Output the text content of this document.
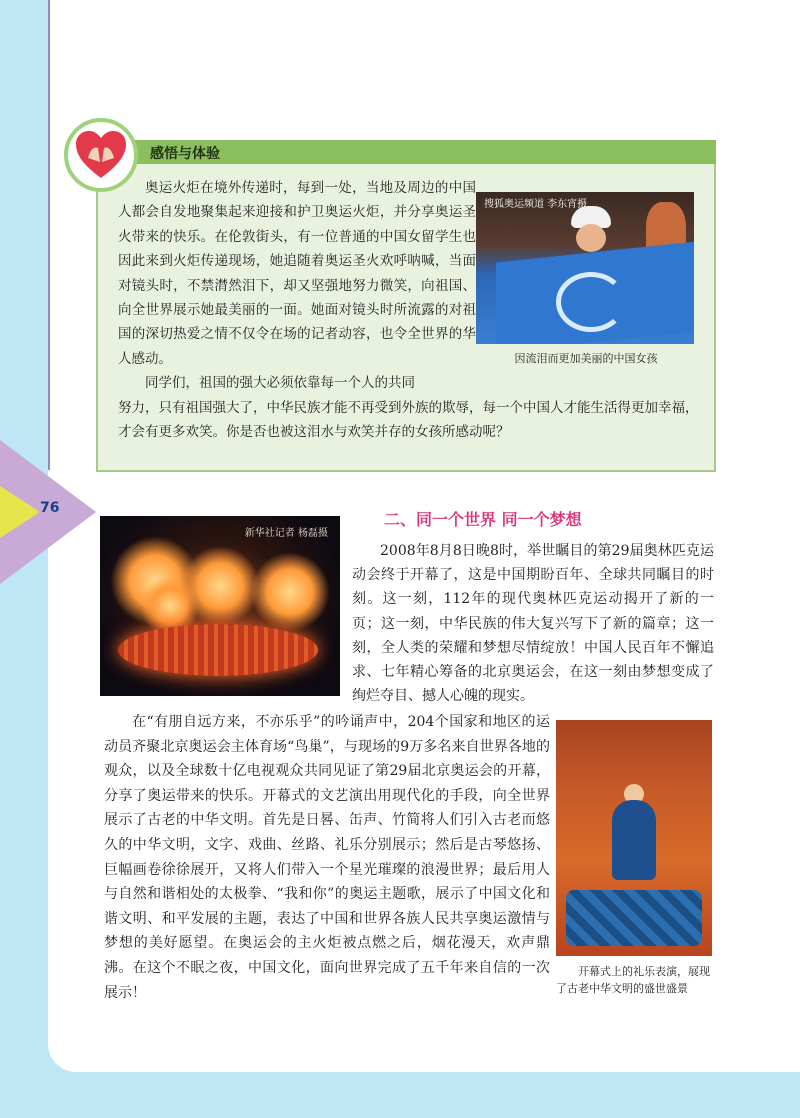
76
感悟与体验

奥运火炬在境外传递时，每到一处，当地及周边的中国人都会自发地聚集起来迎接和护卫奥运火炬，并分享奥运圣火带来的快乐。在伦敦街头，有一位普通的中国女留学生也因此来到火炬传递现场，她追随着奥运圣火欢呼呐喊，当面对镜头时，不禁潸然泪下，却又坚强地努力微笑，向祖国、向全世界展示她最美丽的一面。她面对镜头时所流露的对祖国的深切热爱之情不仅令在场的记者动容，也令全世界的华人感动。

同学们，祖国的强大必须依靠每一个人的共同

努力，只有祖国强大了，中华民族才能不再受到外族的欺辱，每一个中国人才能生活得更加幸福，才会有更多欢笑。你是否也被这泪水与欢笑并存的女孩所感动呢？

搜狐奥运频道 李东宵摄
因流泪而更加美丽的中国女孩
二、同一个世界 同一个梦想
新华社记者 杨磊摄

2008年8月8日晚8时，举世瞩目的第29届奥林匹克运动会终于开幕了，这是中国期盼百年、全球共同瞩目的时刻。这一刻，112年的现代奥林匹克运动揭开了新的一页；这一刻，中华民族的伟大复兴写下了新的篇章；这一刻，全人类的荣耀和梦想尽情绽放！中国人民百年不懈追求、七年精心筹备的北京奥运会，在这一刻由梦想变成了绚烂夺目、撼人心魄的现实。

在“有朋自远方来，不亦乐乎”的吟诵声中，204个国家和地区的运动员齐聚北京奥运会主体育场“鸟巢”，与现场的9万多名来自世界各地的观众，以及全球数十亿电视观众共同见证了第29届北京奥运会的开幕，分享了奥运带来的快乐。开幕式的文艺演出用现代化的手段，向全世界展示了古老的中华文明。首先是日晷、缶声、竹简将人们引入古老而悠久的中华文明，文字、戏曲、丝路、礼乐分别展示；然后是古琴悠扬、巨幅画卷徐徐展开，又将人们带入一个星光璀璨的浪漫世界；最后用人与自然和谐相处的太极拳、“我和你”的奥运主题歌，展示了中国文化和谐文明、和平发展的主题，表达了中国和世界各族人民共享奥运激情与梦想的美好愿望。在奥运会的主火炬被点燃之后，烟花漫天，欢声鼎沸。在这个不眠之夜，中国文化，面向世界完成了五千年来自信的一次展示！

开幕式上的礼乐表演，展现了古老中华文明的盛世盛景
